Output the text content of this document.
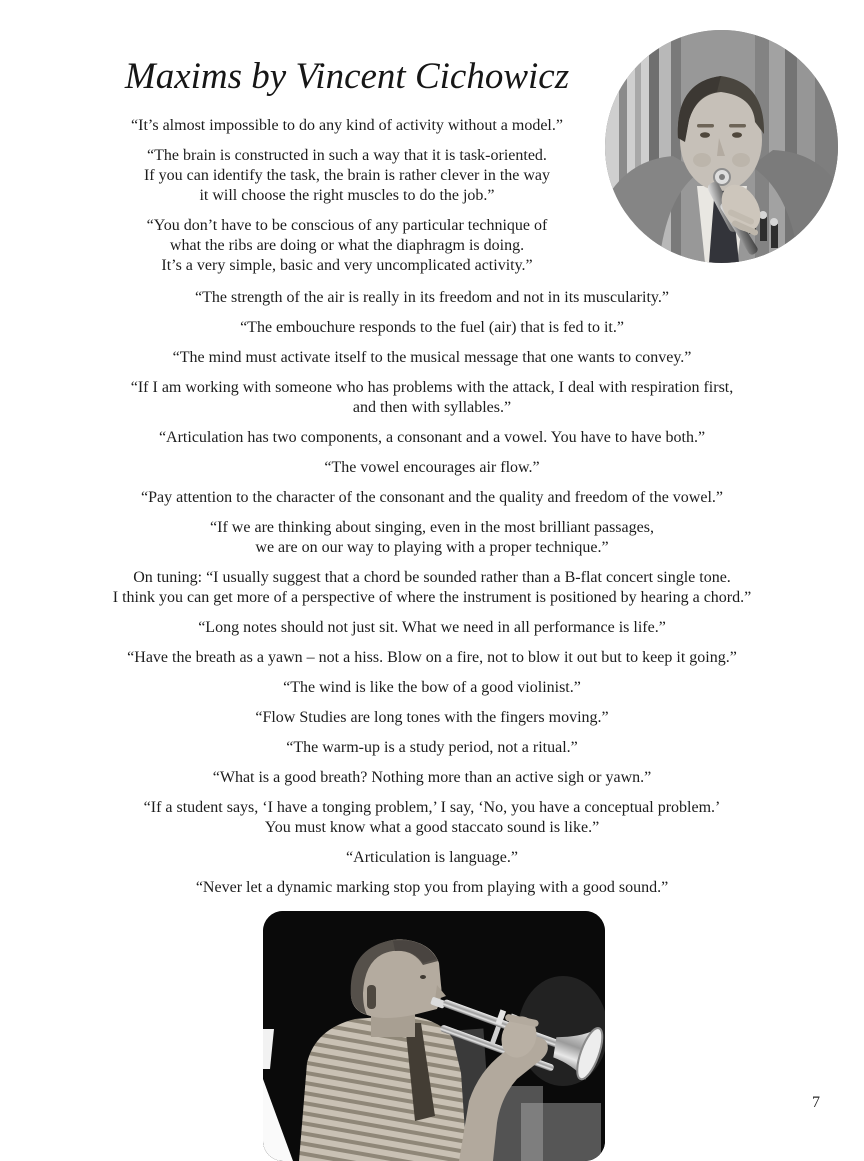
Maxims by Vincent Cichowicz

“It’s almost impossible to do any kind of activity without a model.”

“The brain is constructed in such a way that it is task-oriented.
If you can identify the task, the brain is rather clever in the way
it will choose the right muscles to do the job.”

“You don’t have to be conscious of any particular technique of
what the ribs are doing or what the diaphragm is doing.
It’s a very simple, basic and very uncomplicated activity.”

“The strength of the air is really in its freedom and not in its muscularity.”

“The embouchure responds to the fuel (air) that is fed to it.”

“The mind must activate itself to the musical message that one wants to convey.”

“If I am working with someone who has problems with the attack, I deal with respiration first,
and then with syllables.”

“Articulation has two components, a consonant and a vowel. You have to have both.”

“The vowel encourages air flow.”

“Pay attention to the character of the consonant and the quality and freedom of the vowel.”

“If we are thinking about singing, even in the most brilliant passages,
we are on our way to playing with a proper technique.”

On tuning: “I usually suggest that a chord be sounded rather than a B-flat concert single tone.
I think you can get more of a perspective of where the instrument is positioned by hearing a chord.”

“Long notes should not just sit. What we need in all performance is life.”

“Have the breath as a yawn – not a hiss. Blow on a fire, not to blow it out but to keep it going.”

“The wind is like the bow of a good violinist.”

“Flow Studies are long tones with the fingers moving.”

“The warm-up is a study period, not a ritual.”

“What is a good breath? Nothing more than an active sigh or yawn.”

“If a student says, ‘I have a tonging problem,’ I say, ‘No, you have a conceptual problem.’
You must know what a good staccato sound is like.”

“Articulation is language.”

“Never let a dynamic marking stop you from playing with a good sound.”

7
